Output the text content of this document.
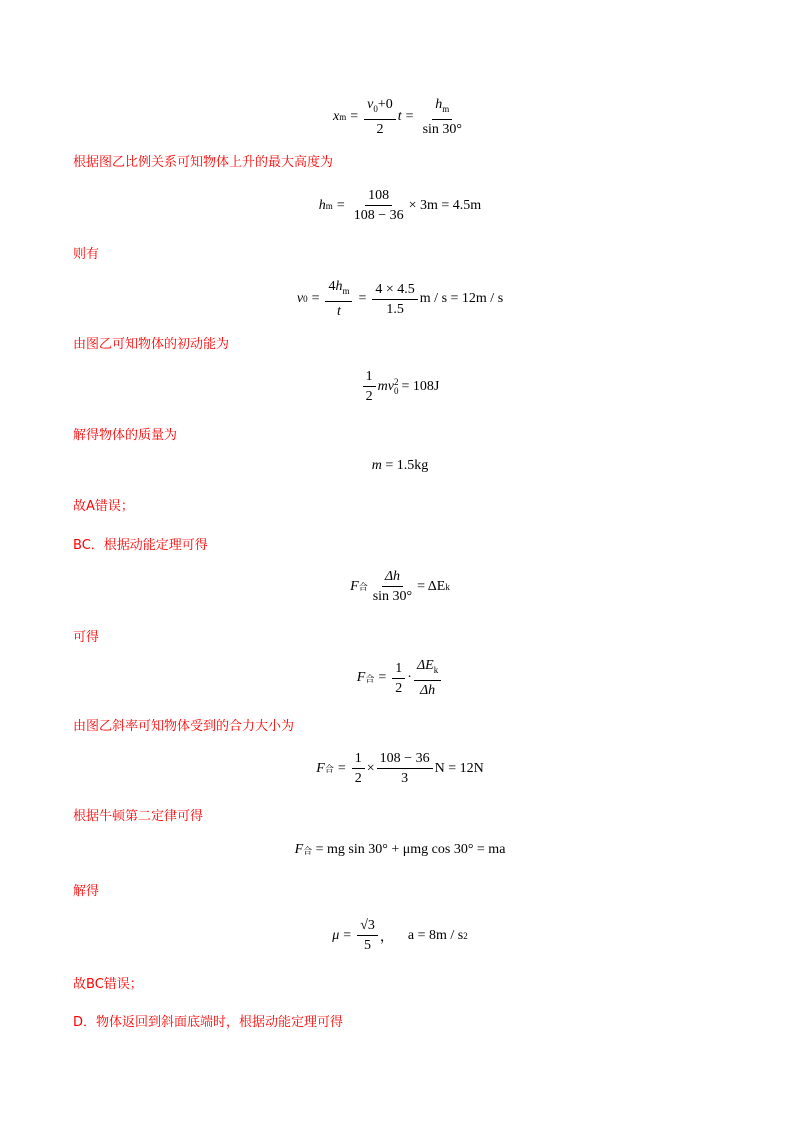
x $m = \frac{v_0+0}{2}$ $t = \frac{h_m}{\sin 30^\circ}$
根据图乙比例关系可知物体上升的最大高度为
h $m = \frac{108}{108 - 36} \times 3m = 4.5m$
则有
v $0 = \frac{4h_m}{t} = \frac{4 \times 4.5}{1.5}$ m / s = 12m / s
由图乙可知物体的初动能为
$\frac{1}{2}$ mv 2
0 = 108J
解得物体的质量为
m
= 1.5kg
故A错误；
BC．根据动能定理可得
F 合 $\frac{\Delta h}{\sin 30^\circ} = \Delta E$ k
可得
F 合 = $\frac{1}{2} \cdot \frac{\Delta E_k}{\Delta h}$
由图乙斜率可知物体受到的合力大小为
F 合 = $\frac{1}{2} \times \frac{108 - 36}{3}$ N = 12N
根据牛顿第二定律可得
F 合
= mg sin 30° + μmg cos 30° = ma
解得
$\mu = \frac{√3}{5}$ ， a = 8m / s 2
故BC错误；
D．物体返回到斜面底端时，根据动能定理可得
